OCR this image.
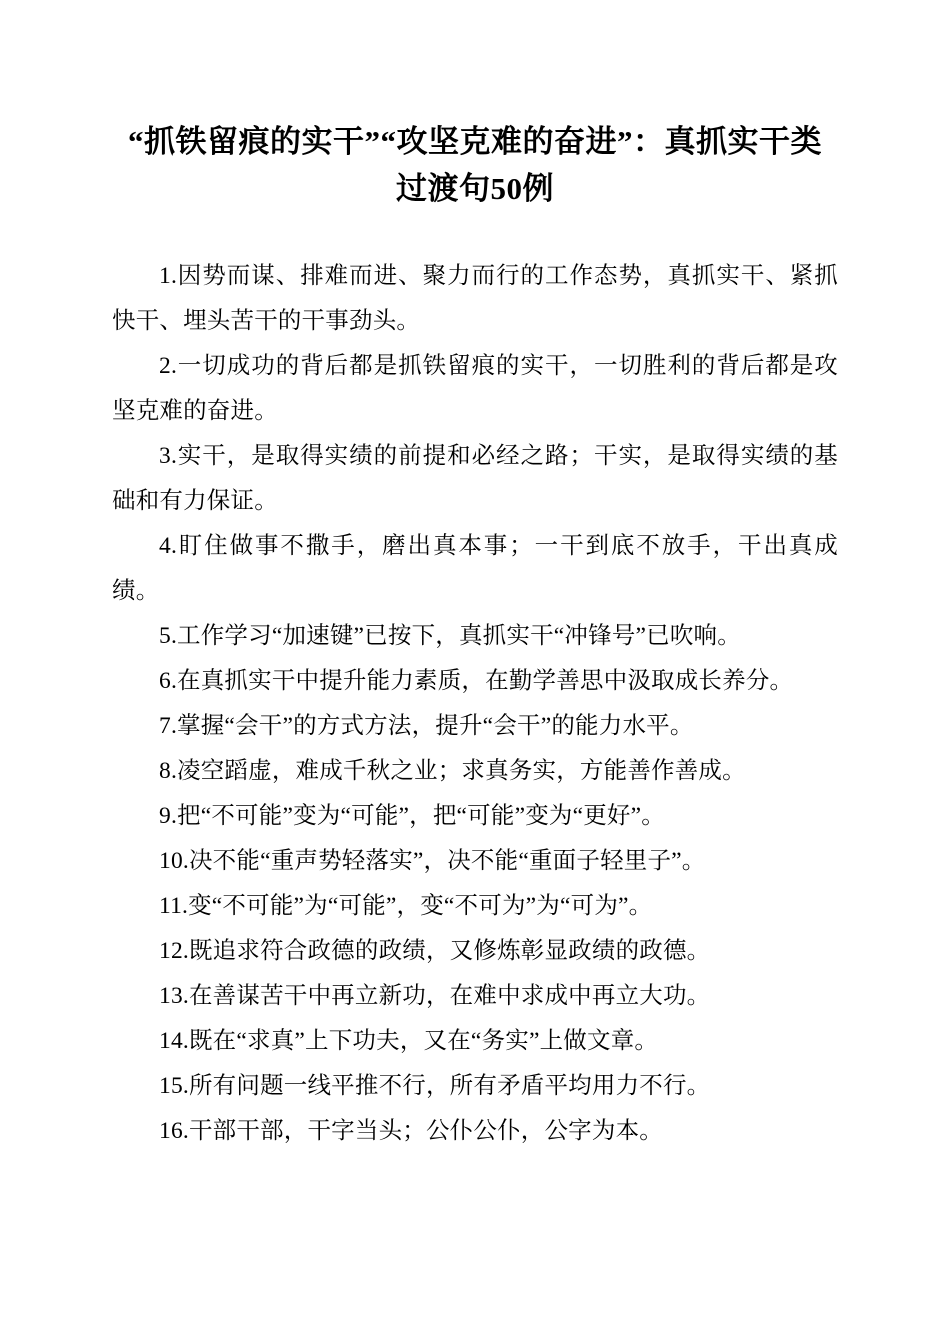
“抓铁留痕的实干”“攻坚克难的奋进”：真抓实干类过渡句50例

1.因势而谋、排难而进、聚力而行的工作态势，真抓实干、紧抓快干、埋头苦干的干事劲头。

2.一切成功的背后都是抓铁留痕的实干，一切胜利的背后都是攻坚克难的奋进。

3.实干，是取得实绩的前提和必经之路；干实，是取得实绩的基础和有力保证。

4.盯住做事不撒手，磨出真本事；一干到底不放手，干出真成绩。

5.工作学习“加速键”已按下，真抓实干“冲锋号”已吹响。

6.在真抓实干中提升能力素质，在勤学善思中汲取成长养分。

7.掌握“会干”的方式方法，提升“会干”的能力水平。

8.凌空蹈虚，难成千秋之业；求真务实，方能善作善成。

9.把“不可能”变为“可能”，把“可能”变为“更好”。

10.决不能“重声势轻落实”，决不能“重面子轻里子”。

11.变“不可能”为“可能”，变“不可为”为“可为”。

12.既追求符合政德的政绩，又修炼彰显政绩的政德。

13.在善谋苦干中再立新功，在难中求成中再立大功。

14.既在“求真”上下功夫，又在“务实”上做文章。

15.所有问题一线平推不行，所有矛盾平均用力不行。

16.干部干部，干字当头；公仆公仆，公字为本。
